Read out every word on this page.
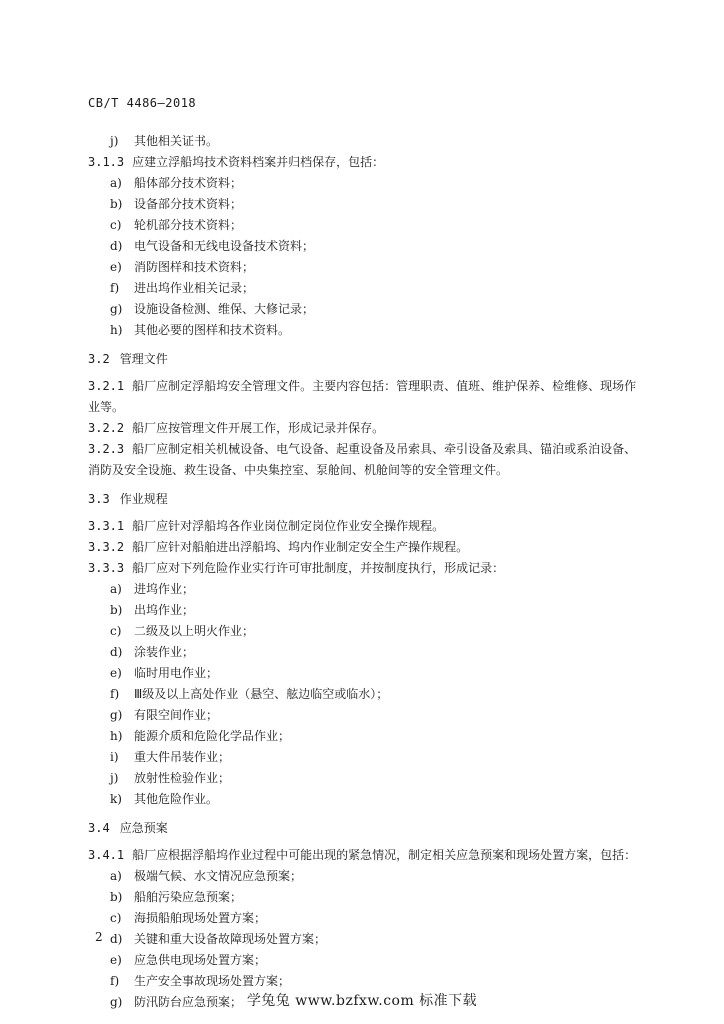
CB/T 4486—2018
j)	其他相关证书。
3.1.3 应建立浮船坞技术资料档案并归档保存，包括：
a)	船体部分技术资料；
b) 设备部分技术资料；
c)	轮机部分技术资料；
d) 电气设备和无线电设备技术资料；
e)	消防图样和技术资料；
f)	进出坞作业相关记录；
g) 设施设备检测、维保、大修记录；
h) 其他必要的图样和技术资料。
3.2 管理文件
3.2.1 船厂应制定浮船坞安全管理文件。主要内容包括：管理职责、值班、维护保养、检维修、现场作业等。
3.2.2 船厂应按管理文件开展工作，形成记录并保存。
3.2.3 船厂应制定相关机械设备、电气设备、起重设备及吊索具、牵引设备及索具、锚泊或系泊设备、消防及安全设施、救生设备、中央集控室、泵舱间、机舱间等的安全管理文件。
3.3 作业规程
3.3.1 船厂应针对浮船坞各作业岗位制定岗位作业安全操作规程。
3.3.2 船厂应针对船舶进出浮船坞、坞内作业制定安全生产操作规程。
3.3.3 船厂应对下列危险作业实行许可审批制度，并按制度执行，形成记录：
a)	进坞作业；
b) 出坞作业；
c)	二级及以上明火作业；
d) 涂装作业；
e)	临时用电作业；
f)	Ⅲ级及以上高处作业（悬空、舷边临空或临水）；
g) 有限空间作业；
h) 能源介质和危险化学品作业；
i)	重大件吊装作业；
j)	放射性检验作业；
k)	其他危险作业。
3.4 应急预案
3.4.1 船厂应根据浮船坞作业过程中可能出现的紧急情况，制定相关应急预案和现场处置方案，包括：
a)	极端气候、水文情况应急预案；
b) 船舶污染应急预案；
c)	海损船舶现场处置方案；
d) 关键和重大设备故障现场处置方案；
e)	应急供电现场处置方案；
f)	生产安全事故现场处置方案；
g) 防汛防台应急预案；
2
学兔兔 www.bzfxw.com 标准下载
